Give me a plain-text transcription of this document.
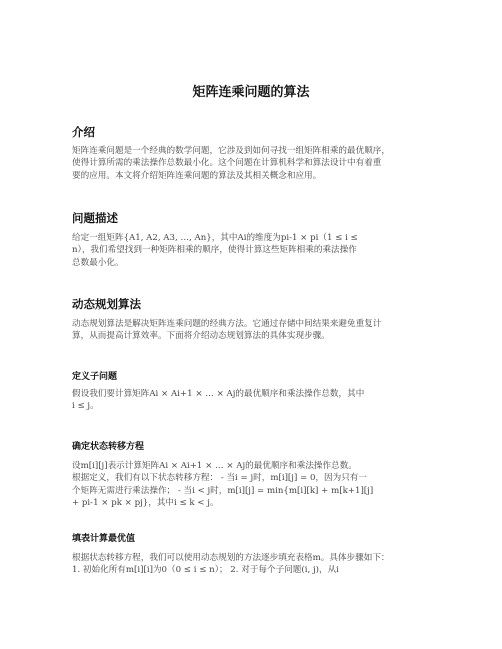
矩阵连乘问题的算法
介绍
矩阵连乘问题是一个经典的数学问题，它涉及到如何寻找一组矩阵相乘的最优顺序，
使得计算所需的乘法操作总数最小化。这个问题在计算机科学和算法设计中有着重
要的应用。本文将介绍矩阵连乘问题的算法及其相关概念和应用。
问题描述
给定一组矩阵{A1, A2, A3, …, An}，其中Ai的维度为pi-1 × pi（1 ≤ i ≤
n），我们希望找到一种矩阵相乘的顺序，使得计算这些矩阵相乘的乘法操作
总数最小化。
动态规划算法
动态规划算法是解决矩阵连乘问题的经典方法。它通过存储中间结果来避免重复计
算，从而提高计算效率。下面将介绍动态规划算法的具体实现步骤。
定义子问题
假设我们要计算矩阵Ai × Ai+1 × … × Aj的最优顺序和乘法操作总数，其中
i ≤ j。
确定状态转移方程
设m[i][j]表示计算矩阵Ai × Ai+1 × … × Aj的最优顺序和乘法操作总数。
根据定义，我们有以下状态转移方程： - 当i = j时，m[i][j] = 0，因为只有一
个矩阵无需进行乘法操作； - 当i < j时，m[i][j] = min{m[i][k] + m[k+1][j]
+ pi-1 × pk × pj}，其中i ≤ k < j。
填表计算最优值
根据状态转移方程，我们可以使用动态规划的方法逐步填充表格m。具体步骤如下：
1. 初始化所有m[i][i]为0（0 ≤ i ≤ n）； 2. 对于每个子问题(i, j)，从i
